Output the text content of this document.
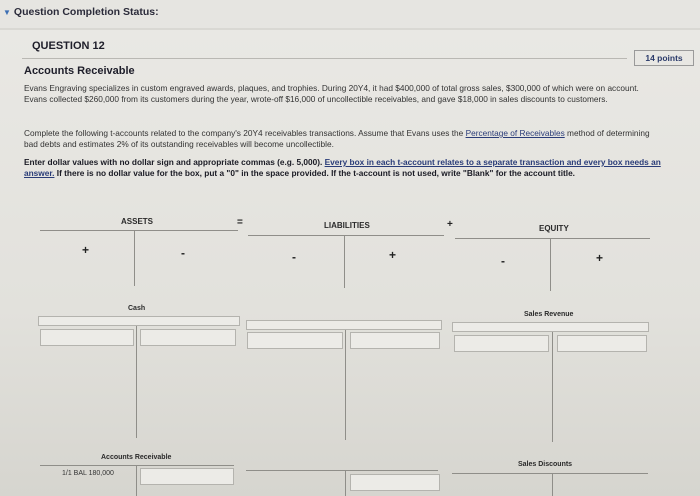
▼ Question Completion Status:
QUESTION 12
14 points
Accounts Receivable
Evans Engraving specializes in custom engraved awards, plaques, and trophies. During 20Y4, it had $400,000 of total gross sales, $300,000 of which were on account. Evans collected $260,000 from its customers during the year, wrote-off $16,000 of uncollectible receivables, and gave $18,000 in sales discounts to customers.
Complete the following t-accounts related to the company's 20Y4 receivables transactions. Assume that Evans uses the Percentage of Receivables method of determining bad debts and estimates 2% of its outstanding receivables will become uncollectible.
Enter dollar values with no dollar sign and appropriate commas (e.g. 5,000). Every box in each t-account relates to a separate transaction and every box needs an answer. If there is no dollar value for the box, put a "0" in the space provided. If the t-account is not used, write "Blank" for the account title.
ASSETS	=	LIABILITIES	+	EQUITY
+	-	-	+	-	+
Cash
Sales Revenue
Accounts Receivable
1/1 BAL 180,000
Sales Discounts
